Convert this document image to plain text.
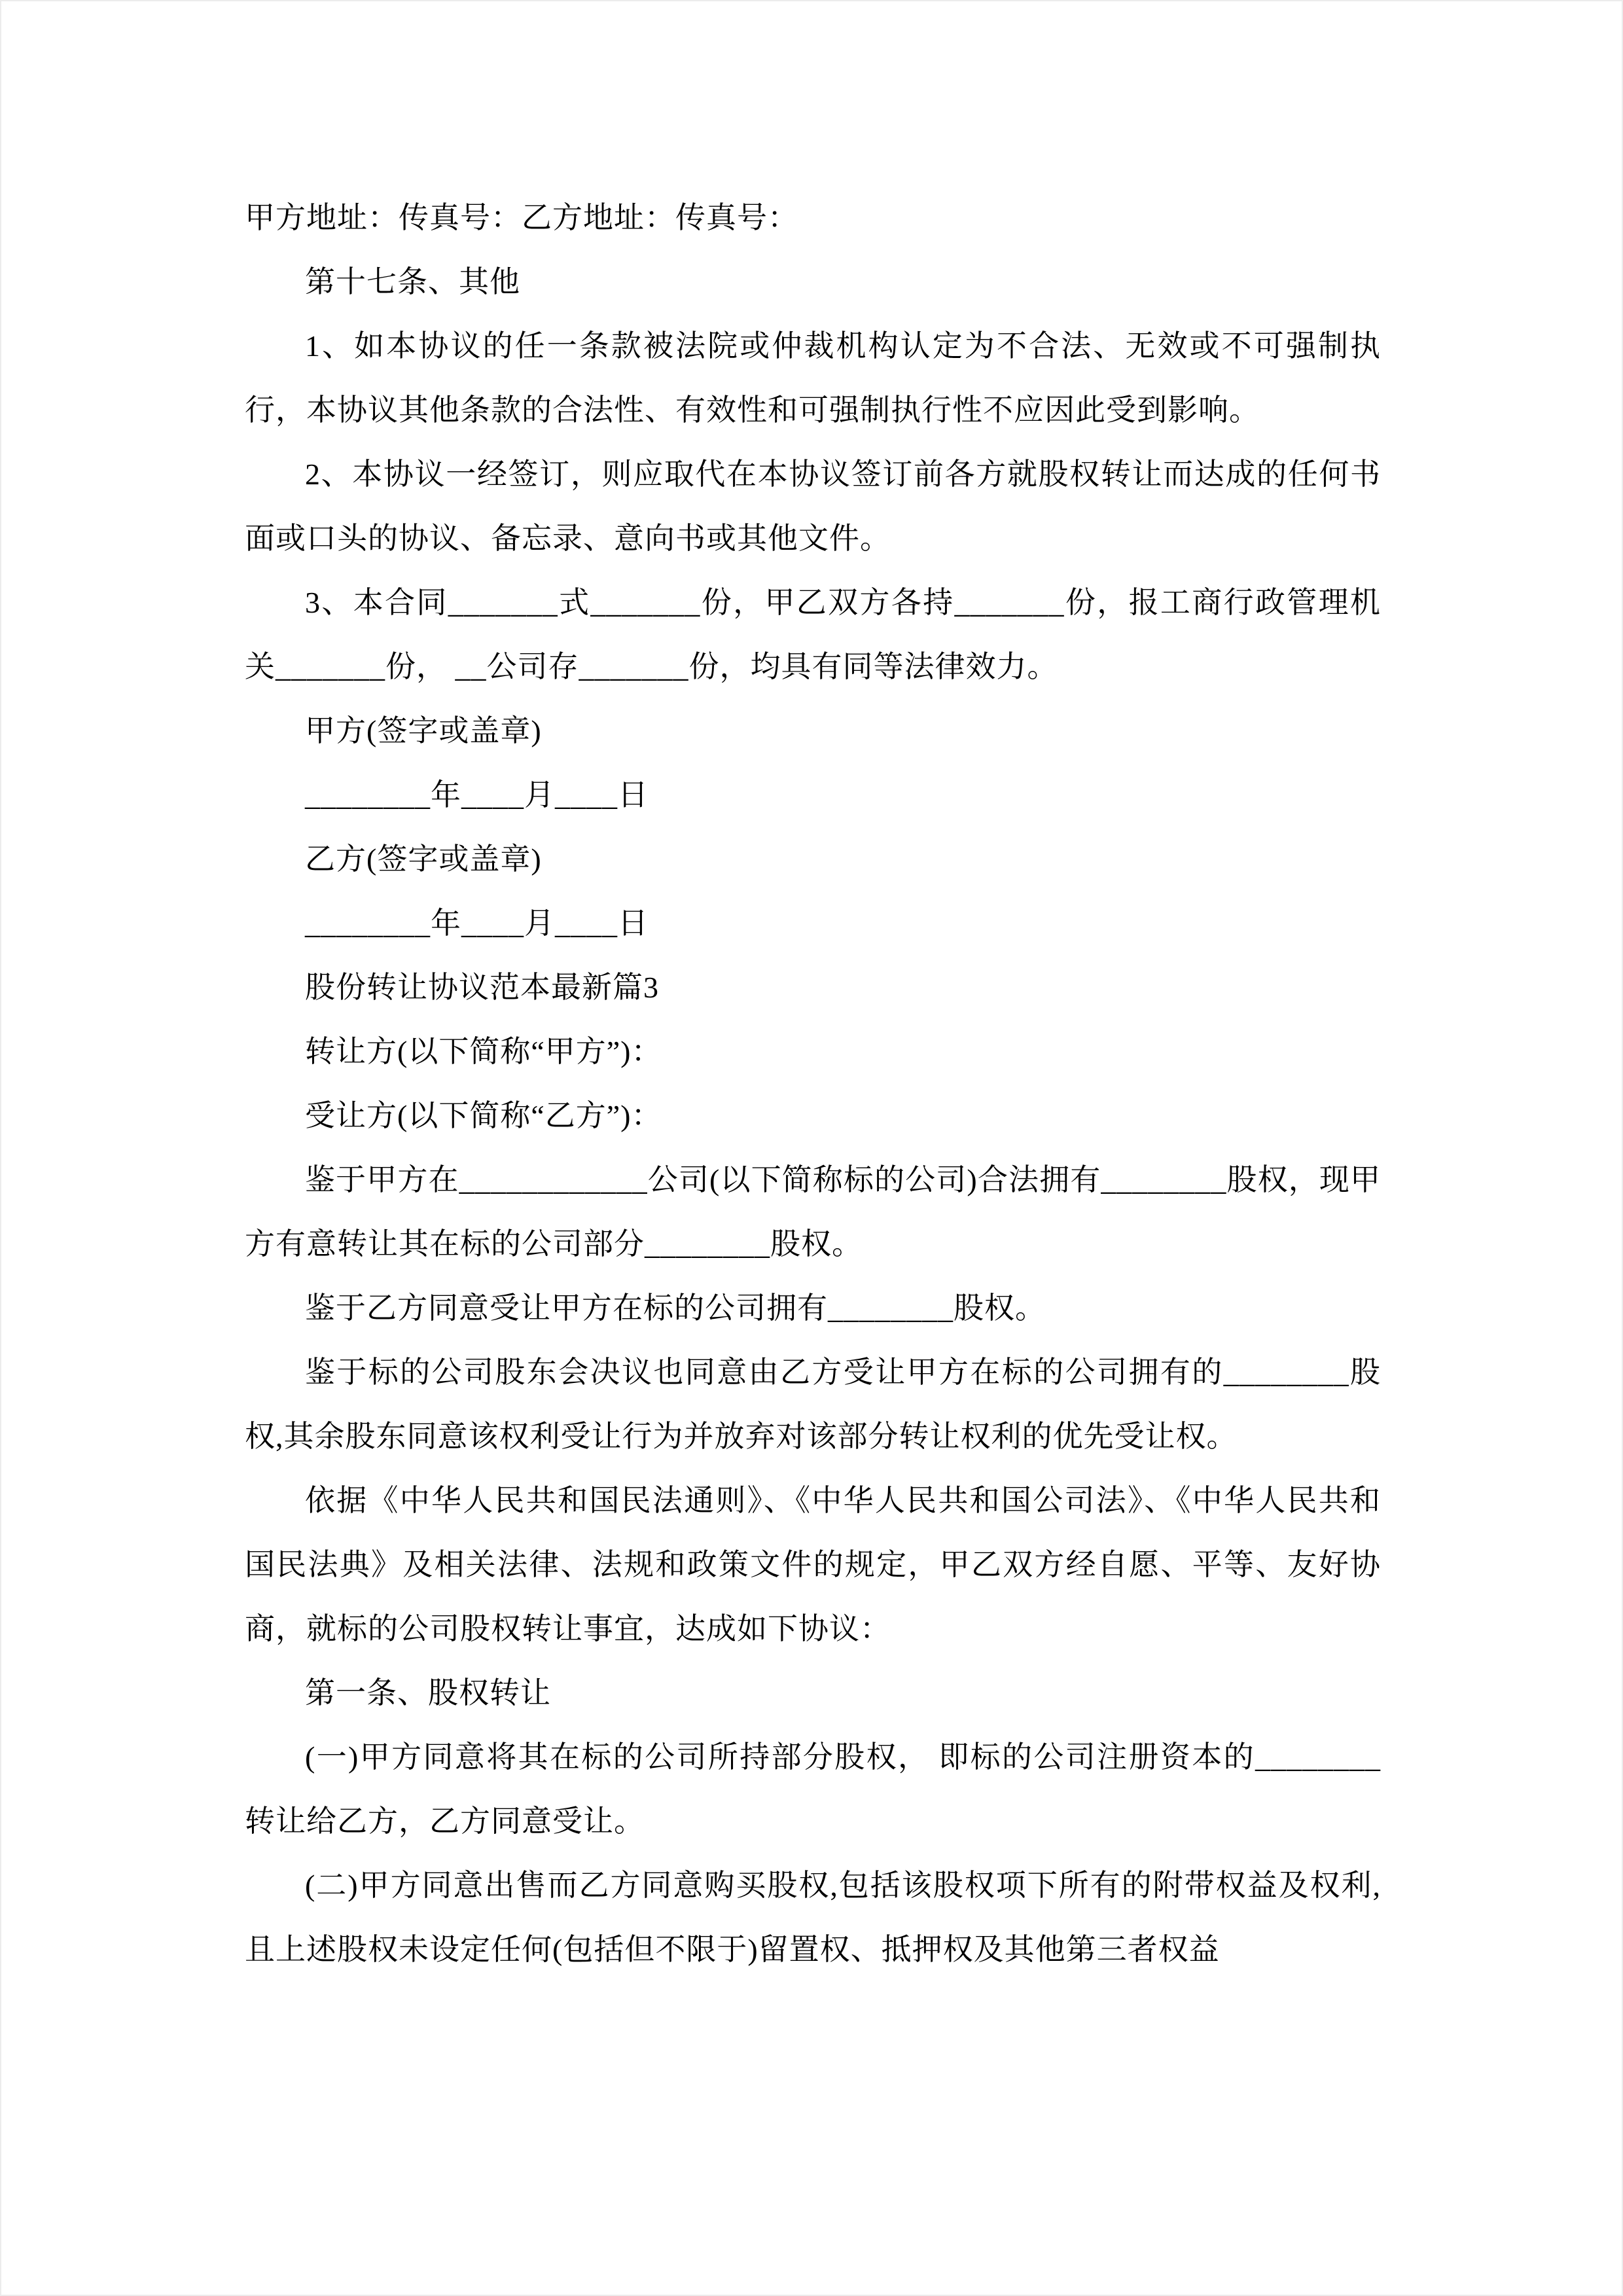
甲方地址：传真号：乙方地址：传真号：

第十七条、其他

1、如本协议的任一条款被法院或仲裁机构认定为不合法、无效或不可强制执行，本协议其他条款的合法性、有效性和可强制执行性不应因此受到影响。

2、本协议一经签订，则应取代在本协议签订前各方就股权转让而达成的任何书面或口头的协议、备忘录、意向书或其他文件。

3、本合同_______式_______份，甲乙双方各持_______份，报工商行政管理机关_______份， __公司存_______份，均具有同等法律效力。

甲方(签字或盖章)

________年____月____日

乙方(签字或盖章)

________年____月____日

股份转让协议范本最新篇3

转让方(以下简称“甲方”)：

受让方(以下简称“乙方”)：

鉴于甲方在____________公司(以下简称标的公司)合法拥有________股权，现甲方有意转让其在标的公司部分________股权。

鉴于乙方同意受让甲方在标的公司拥有________股权。

鉴于标的公司股东会决议也同意由乙方受让甲方在标的公司拥有的________股权,其余股东同意该权利受让行为并放弃对该部分转让权利的优先受让权。

依据《中华人民共和国民法通则》、《中华人民共和国公司法》、《中华人民共和国民法典》及相关法律、法规和政策文件的规定，甲乙双方经自愿、平等、友好协商，就标的公司股权转让事宜，达成如下协议：

第一条、股权转让

(一)甲方同意将其在标的公司所持部分股权， 即标的公司注册资本的________转让给乙方，乙方同意受让。

(二)甲方同意出售而乙方同意购买股权,包括该股权项下所有的附带权益及权利,且上述股权未设定任何(包括但不限于)留置权、抵押权及其他第三者权益
